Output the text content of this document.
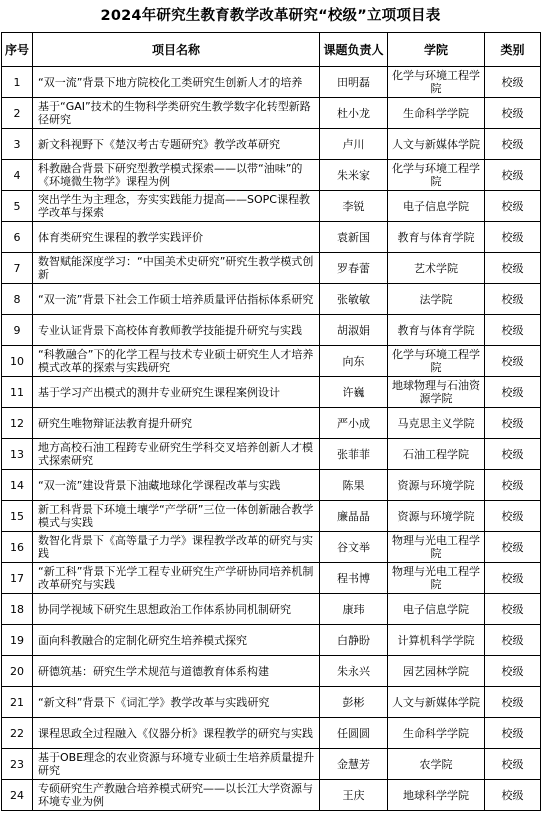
2024年研究生教育教学改革研究“校级”立项项目表
序号	项目名称	课题负责人	学院	类别
1	“双一流”背景下地方院校化工类研究生创新人才的培养	田明磊	化学与环境工程学院	校级
2	基于“GAI”技术的生物科学类研究生教学数字化转型新路径研究	杜小龙	生命科学学院	校级
3	新文科视野下《楚汉考古专题研究》教学改革研究	卢川	人文与新媒体学院	校级
4	科教融合背景下研究型教学模式探索——以带“油味”的《环境微生物学》课程为例	朱米家	化学与环境工程学院	校级
5	突出学生为主理念，夯实实践能力提高——SOPC课程教学改革与探索	李锐	电子信息学院	校级
6	体育类研究生课程的教学实践评价	袁新国	教育与体育学院	校级
7	数智赋能深度学习：“中国美术史研究”研究生教学模式创新	罗春蕾	艺术学院	校级
8	“双一流”背景下社会工作硕士培养质量评估指标体系研究	张敏敏	法学院	校级
9	专业认证背景下高校体育教师教学技能提升研究与实践	胡淑娟	教育与体育学院	校级
10	“科教融合”下的化学工程与技术专业硕士研究生人才培养模式改革的探索与实践研究	向东	化学与环境工程学院	校级
11	基于学习产出模式的测井专业研究生课程案例设计	许巍	地球物理与石油资源学院	校级
12	研究生唯物辩证法教育提升研究	严小成	马克思主义学院	校级
13	地方高校石油工程跨专业研究生学科交叉培养创新人才模式探索研究	张菲菲	石油工程学院	校级
14	“双一流”建设背景下油藏地球化学课程改革与实践	陈果	资源与环境学院	校级
15	新工科背景下环境土壤学“产学研”三位一体创新融合教学模式与实践	廉晶晶	资源与环境学院	校级
16	数智化背景下《高等量子力学》课程教学改革的研究与实践	谷文举	物理与光电工程学院	校级
17	“新工科”背景下光学工程专业研究生产学研协同培养机制改革研究与实践	程书博	物理与光电工程学院	校级
18	协同学视域下研究生思想政治工作体系协同机制研究	康玮	电子信息学院	校级
19	面向科教融合的定制化研究生培养模式探究	白静盼	计算机科学学院	校级
20	研德筑基：研究生学术规范与道德教育体系构建	朱永兴	园艺园林学院	校级
21	“新文科”背景下《词汇学》教学改革与实践研究	彭彬	人文与新媒体学院	校级
22	课程思政全过程融入《仪器分析》课程教学的研究与实践	任圆圆	生命科学学院	校级
23	基于OBE理念的农业资源与环境专业硕士生培养质量提升研究	金慧芳	农学院	校级
24	专硕研究生产教融合培养模式研究——以长江大学资源与环境专业为例	王庆	地球科学学院	校级
